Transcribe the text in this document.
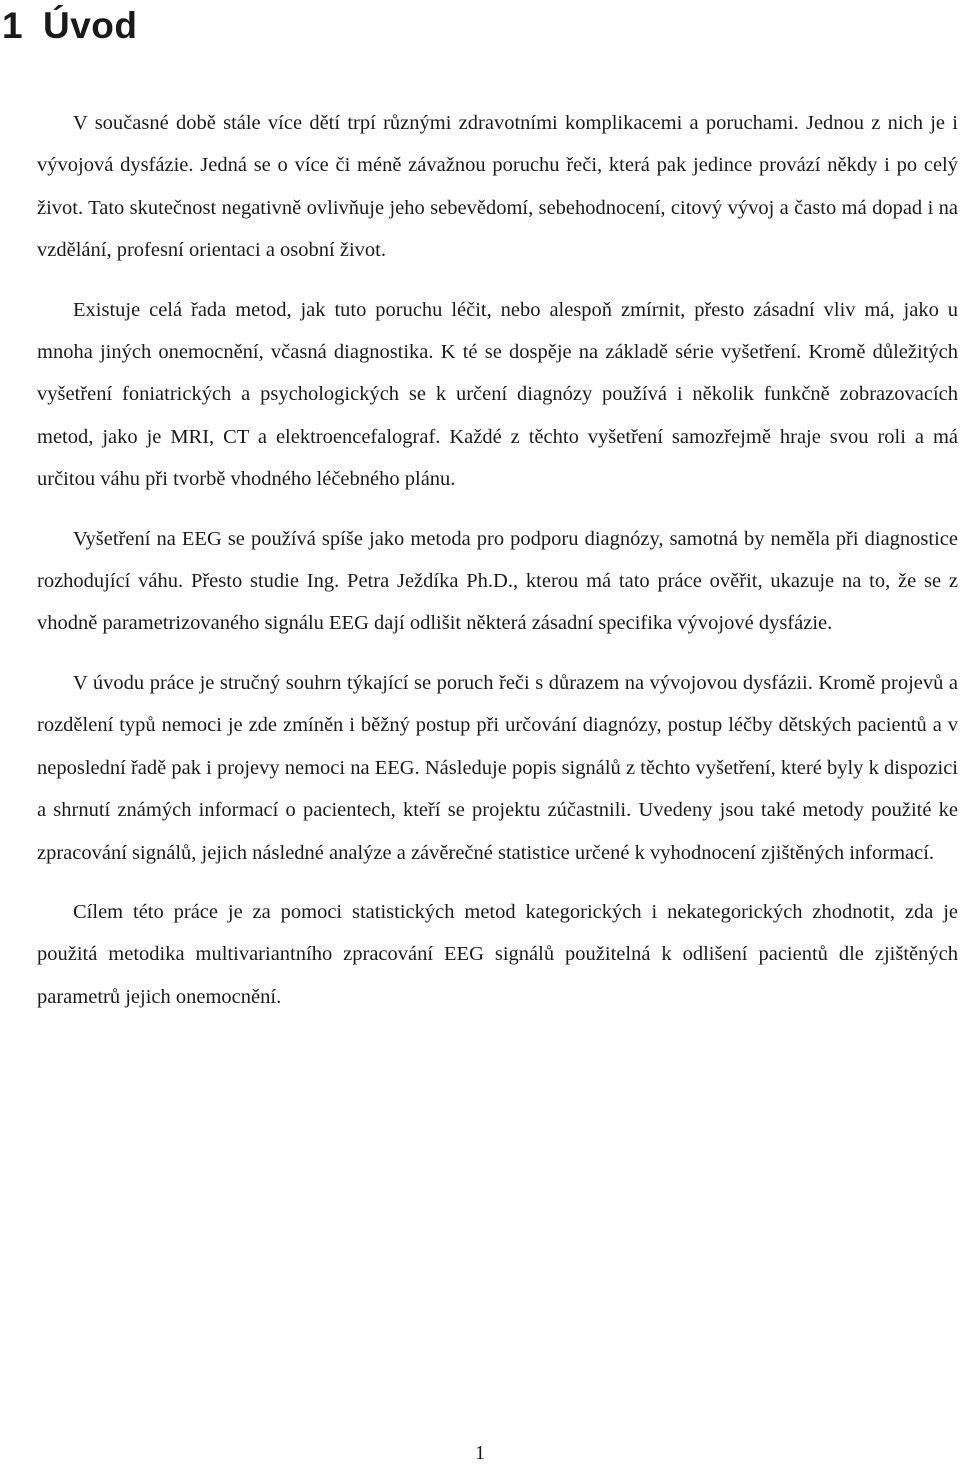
1 Úvod

V současné době stále více dětí trpí různými zdravotními komplikacemi a poruchami. Jednou z nich je i vývojová dysfázie. Jedná se o více či méně závažnou poruchu řeči, která pak jedince provází někdy i po celý život. Tato skutečnost negativně ovlivňuje jeho sebevědomí, sebehodnocení, citový vývoj a často má dopad i na vzdělání, profesní orientaci a osobní život.

Existuje celá řada metod, jak tuto poruchu léčit, nebo alespoň zmírnit, přesto zásadní vliv má, jako u mnoha jiných onemocnění, včasná diagnostika. K té se dospěje na základě série vyšetření. Kromě důležitých vyšetření foniatrických a psychologických se k určení diagnózy používá i několik funkčně zobrazovacích metod, jako je MRI, CT a elektroencefalograf. Každé z těchto vyšetření samozřejmě hraje svou roli a má určitou váhu při tvorbě vhodného léčebného plánu.

Vyšetření na EEG se používá spíše jako metoda pro podporu diagnózy, samotná by neměla při diagnostice rozhodující váhu. Přesto studie Ing. Petra Ježdíka Ph.D., kterou má tato práce ověřit, ukazuje na to, že se z vhodně parametrizovaného signálu EEG dají odlišit některá zásadní specifika vývojové dysfázie.

V úvodu práce je stručný souhrn týkající se poruch řeči s důrazem na vývojovou dysfázii. Kromě projevů a rozdělení typů nemoci je zde zmíněn i běžný postup při určování diagnózy, postup léčby dětských pacientů a v neposlední řadě pak i projevy nemoci na EEG. Následuje popis signálů z těchto vyšetření, které byly k dispozici a shrnutí známých informací o pacientech, kteří se projektu zúčastnili. Uvedeny jsou také metody použité ke zpracování signálů, jejich následné analýze a závěrečné statistice určené k vyhodnocení zjištěných informací.

Cílem této práce je za pomoci statistických metod kategorických i nekategorických zhodnotit, zda je použitá metodika multivariantního zpracování EEG signálů použitelná k odlišení pacientů dle zjištěných parametrů jejich onemocnění.

1
